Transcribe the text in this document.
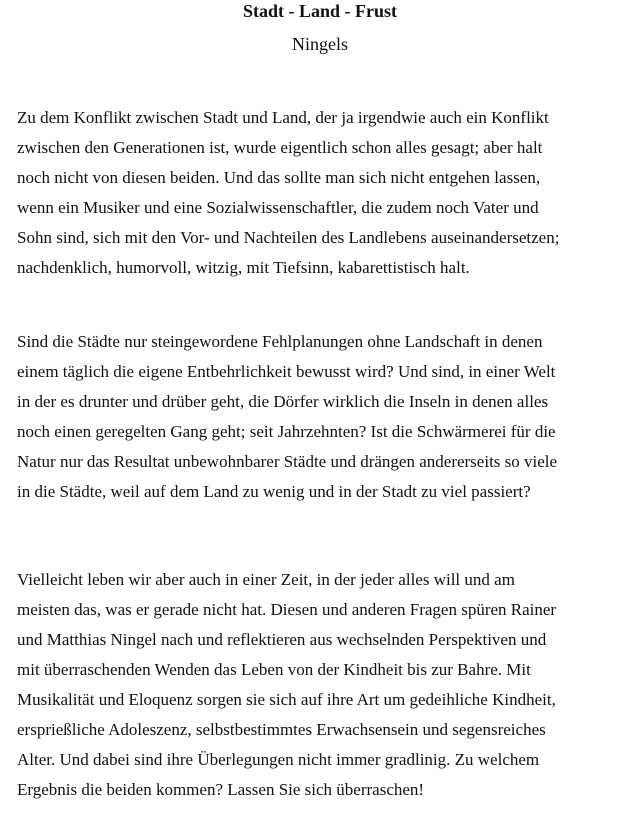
Stadt - Land - Frust
Ningels
Zu dem Konflikt zwischen Stadt und Land, der ja irgendwie auch ein Konflikt
zwischen den Generationen ist, wurde eigentlich schon alles gesagt; aber halt
noch nicht von diesen beiden. Und das sollte man sich nicht entgehen lassen,
wenn ein Musiker und eine Sozialwissenschaftler, die zudem noch Vater und
Sohn sind, sich mit den Vor- und Nachteilen des Landlebens auseinandersetzen;
nachdenklich, humorvoll, witzig, mit Tiefsinn, kabarettistisch halt.
Sind die Städte nur steingewordene Fehlplanungen ohne Landschaft in denen
einem täglich die eigene Entbehrlichkeit bewusst wird? Und sind, in einer Welt
in der es drunter und drüber geht, die Dörfer wirklich die Inseln in denen alles
noch einen geregelten Gang geht; seit Jahrzehnten? Ist die Schwärmerei für die
Natur nur das Resultat unbewohnbarer Städte und drängen andererseits so viele
in die Städte, weil auf dem Land zu wenig und in der Stadt zu viel passiert?
Vielleicht leben wir aber auch in einer Zeit, in der jeder alles will und am
meisten das, was er gerade nicht hat. Diesen und anderen Fragen spüren Rainer
und Matthias Ningel nach und reflektieren aus wechselnden Perspektiven und
mit überraschenden Wenden das Leben von der Kindheit bis zur Bahre. Mit
Musikalität und Eloquenz sorgen sie sich auf ihre Art um gedeihliche Kindheit,
ersprießliche Adoleszenz, selbstbestimmtes Erwachsensein und segensreiches
Alter. Und dabei sind ihre Überlegungen nicht immer gradlinig. Zu welchem
Ergebnis die beiden kommen? Lassen Sie sich überraschen!
